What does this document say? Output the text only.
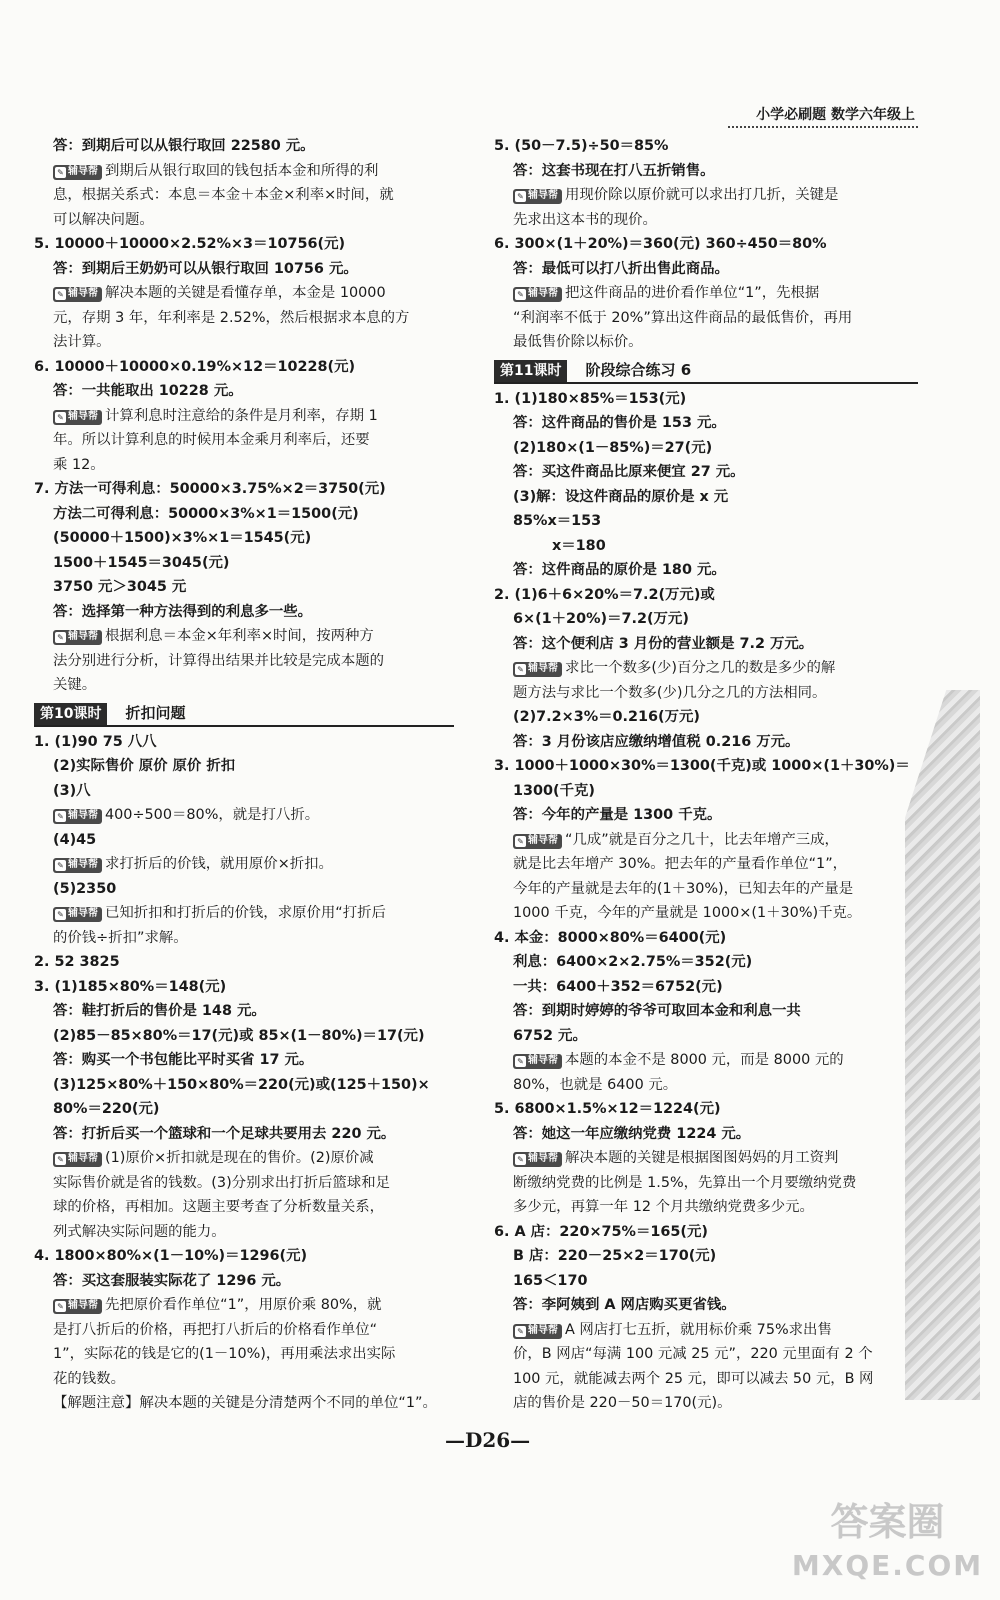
小学必刷题 数学六年级上
答：到期后可以从银行取回 22580 元。
✎ 辅导帮 到期后从银行取回的钱包括本金和所得的利
息，根据关系式：本息＝本金＋本金×利率×时间，就
可以解决问题。
5. 10000＋10000×2.52%×3＝10756(元)
答：到期后王奶奶可以从银行取回 10756 元。
✎ 辅导帮 解决本题的关键是看懂存单，本金是 10000
元，存期 3 年，年利率是 2.52%，然后根据求本息的方
法计算。
6. 10000＋10000×0.19%×12＝10228(元)
答：一共能取出 10228 元。
✎ 辅导帮 计算利息时注意给的条件是月利率，存期 1
年。所以计算利息的时候用本金乘月利率后，还要
乘 12。
7. 方法一可得利息：50000×3.75%×2＝3750(元)
方法二可得利息：50000×3%×1＝1500(元)
(50000＋1500)×3%×1＝1545(元)
1500＋1545＝3045(元)
3750 元＞3045 元
答：选择第一种方法得到的利息多一些。
✎ 辅导帮 根据利息＝本金×年利率×时间，按两种方
法分别进行分析，计算得出结果并比较是完成本题的
关键。
第10课时 折扣问题
1. (1)90 75 八八
(2)实际售价 原价 原价 折扣
(3)八
✎ 辅导帮 400÷500＝80%，就是打八折。
(4)45
✎ 辅导帮 求打折后的价钱，就用原价×折扣。
(5)2350
✎ 辅导帮 已知折扣和打折后的价钱，求原价用“打折后
的价钱÷折扣”求解。
2. 52 3825
3. (1)185×80%＝148(元)
答：鞋打折后的售价是 148 元。
(2)85－85×80%＝17(元)或 85×(1－80%)＝17(元)
答：购买一个书包能比平时买省 17 元。
(3)125×80%＋150×80%＝220(元)或(125＋150)×
80%＝220(元)
答：打折后买一个篮球和一个足球共要用去 220 元。
✎ 辅导帮 (1)原价×折扣就是现在的售价。(2)原价减
实际售价就是省的钱数。(3)分别求出打折后篮球和足
球的价格，再相加。这题主要考查了分析数量关系，
列式解决实际问题的能力。
4. 1800×80%×(1－10%)＝1296(元)
答：买这套服装实际花了 1296 元。
✎ 辅导帮 先把原价看作单位“1”，用原价乘 80%，就
是打八折后的价格，再把打八折后的价格看作单位“
1”，实际花的钱是它的(1－10%)，再用乘法求出实际
花的钱数。
【解题注意】解决本题的关键是分清楚两个不同的单位“1”。
5. (50－7.5)÷50＝85%
答：这套书现在打八五折销售。
✎ 辅导帮 用现价除以原价就可以求出打几折，关键是
先求出这本书的现价。
6. 300×(1＋20%)＝360(元) 360÷450＝80%
答：最低可以打八折出售此商品。
✎ 辅导帮 把这件商品的进价看作单位“1”，先根据
“利润率不低于 20%”算出这件商品的最低售价，再用
最低售价除以标价。
第11课时 阶段综合练习 6
1. (1)180×85%＝153(元)
答：这件商品的售价是 153 元。
(2)180×(1－85%)＝27(元)
答：买这件商品比原来便宜 27 元。
(3)解：设这件商品的原价是 x 元
85%x＝153
x＝180
答：这件商品的原价是 180 元。
2. (1)6＋6×20%＝7.2(万元)或
6×(1＋20%)＝7.2(万元)
答：这个便利店 3 月份的营业额是 7.2 万元。
✎ 辅导帮 求比一个数多(少)百分之几的数是多少的解
题方法与求比一个数多(少)几分之几的方法相同。
(2)7.2×3%＝0.216(万元)
答：3 月份该店应缴纳增值税 0.216 万元。
3. 1000＋1000×30%＝1300(千克)或 1000×(1＋30%)＝
1300(千克)
答：今年的产量是 1300 千克。
✎ 辅导帮 “几成”就是百分之几十，比去年增产三成，
就是比去年增产 30%。把去年的产量看作单位“1”，
今年的产量就是去年的(1＋30%)，已知去年的产量是
1000 千克，今年的产量就是 1000×(1＋30%)千克。
4. 本金：8000×80%＝6400(元)
利息：6400×2×2.75%＝352(元)
一共：6400＋352＝6752(元)
答：到期时婷婷的爷爷可取回本金和利息一共
6752 元。
✎ 辅导帮 本题的本金不是 8000 元，而是 8000 元的
80%，也就是 6400 元。
5. 6800×1.5%×12＝1224(元)
答：她这一年应缴纳党费 1224 元。
✎ 辅导帮 解决本题的关键是根据图图妈妈的月工资判
断缴纳党费的比例是 1.5%，先算出一个月要缴纳党费
多少元，再算一年 12 个月共缴纳党费多少元。
6. A 店：220×75%＝165(元)
B 店：220－25×2＝170(元)
165＜170
答：李阿姨到 A 网店购买更省钱。
✎ 辅导帮 A 网店打七五折，就用标价乘 75%求出售
价，B 网店“每满 100 元减 25 元”，220 元里面有 2 个
100 元，就能减去两个 25 元，即可以减去 50 元，B 网
店的售价是 220－50＝170(元)。
—D26—
答案圈
MXQE.COM
